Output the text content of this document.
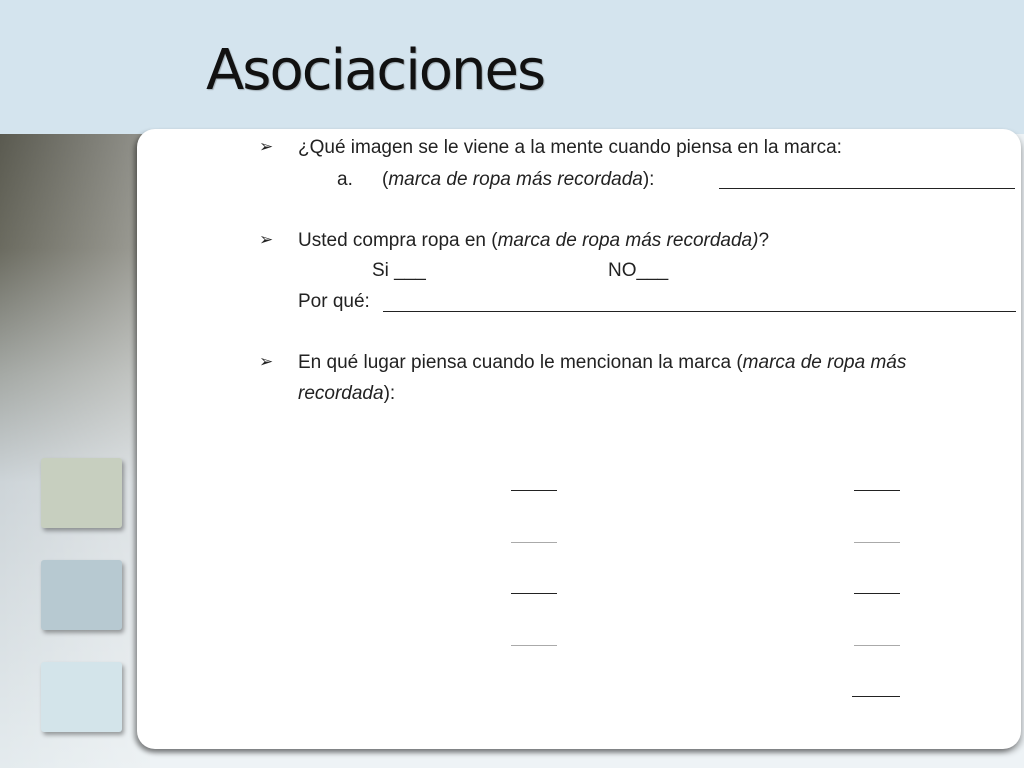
Asociaciones
➢ ¿Qué imagen se le viene a la mente cuando piensa en la marca:
a. (marca de ropa más recordada):
➢ Usted compra ropa en (marca de ropa más recordada)?
Si ___	NO___
Por qué:
➢ En qué lugar piensa cuando le mencionan la marca (marca de ropa más
recordada):
